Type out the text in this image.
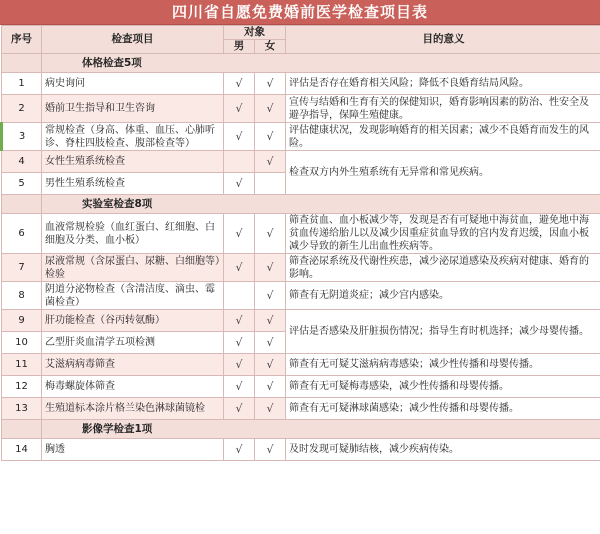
四川省自愿免费婚前医学检查项目表
序号	检查项目	对象		目的意义
		男	女	
	体格检查5项			
1	病史询问	√	√	评估是否存在婚育相关风险；降低不良婚育结局风险。
2	婚前卫生指导和卫生咨询	√	√	宣传与结婚和生育有关的保健知识，婚育影响因素的防治、性安全及避孕指导，保障生殖健康。
3	常规检查（身高、体重、血压、心肺听诊、脊柱四肢检查、腹部检查等）	√	√	评估健康状况，发现影响婚育的相关因素；减少不良婚育而发生的风险。
4	女性生殖系统检查		√	检查双方内外生殖系统有无异常和常见疾病。
5	男性生殖系统检查	√		
	实验室检查8项			
6	血液常规检验（血红蛋白、红细胞、白细胞及分类、血小板）	√	√	筛查贫血、血小板减少等，发现是否有可疑地中海贫血，避免地中海贫血传递给胎儿以及减少因重症贫血导致的宫内发育迟缓，因血小板减少导致的新生儿出血性疾病等。
7	尿液常规（含尿蛋白、尿糖、白细胞等）检验	√	√	筛查泌尿系统及代谢性疾患，减少泌尿道感染及疾病对健康、婚育的影响。
8	阴道分泌物检查（含清洁度、滴虫、霉菌检查）		√	筛查有无阴道炎症；减少宫内感染。
9	肝功能检查（谷丙转氨酶）	√	√	评估是否感染及肝脏损伤情况；指导生育时机选择；减少母婴传播。
10	乙型肝炎血清学五项检测	√	√	
11	艾滋病病毒筛查	√	√	筛查有无可疑艾滋病病毒感染；减少性传播和母婴传播。
12	梅毒螺旋体筛查	√	√	筛查有无可疑梅毒感染，减少性传播和母婴传播。
13	生殖道标本涂片格兰染色淋球菌镜检	√	√	筛查有无可疑淋球菌感染；减少性传播和母婴传播。
	影像学检查1项			
14	胸透	√	√	及时发现可疑肺结核，减少疾病传染。
